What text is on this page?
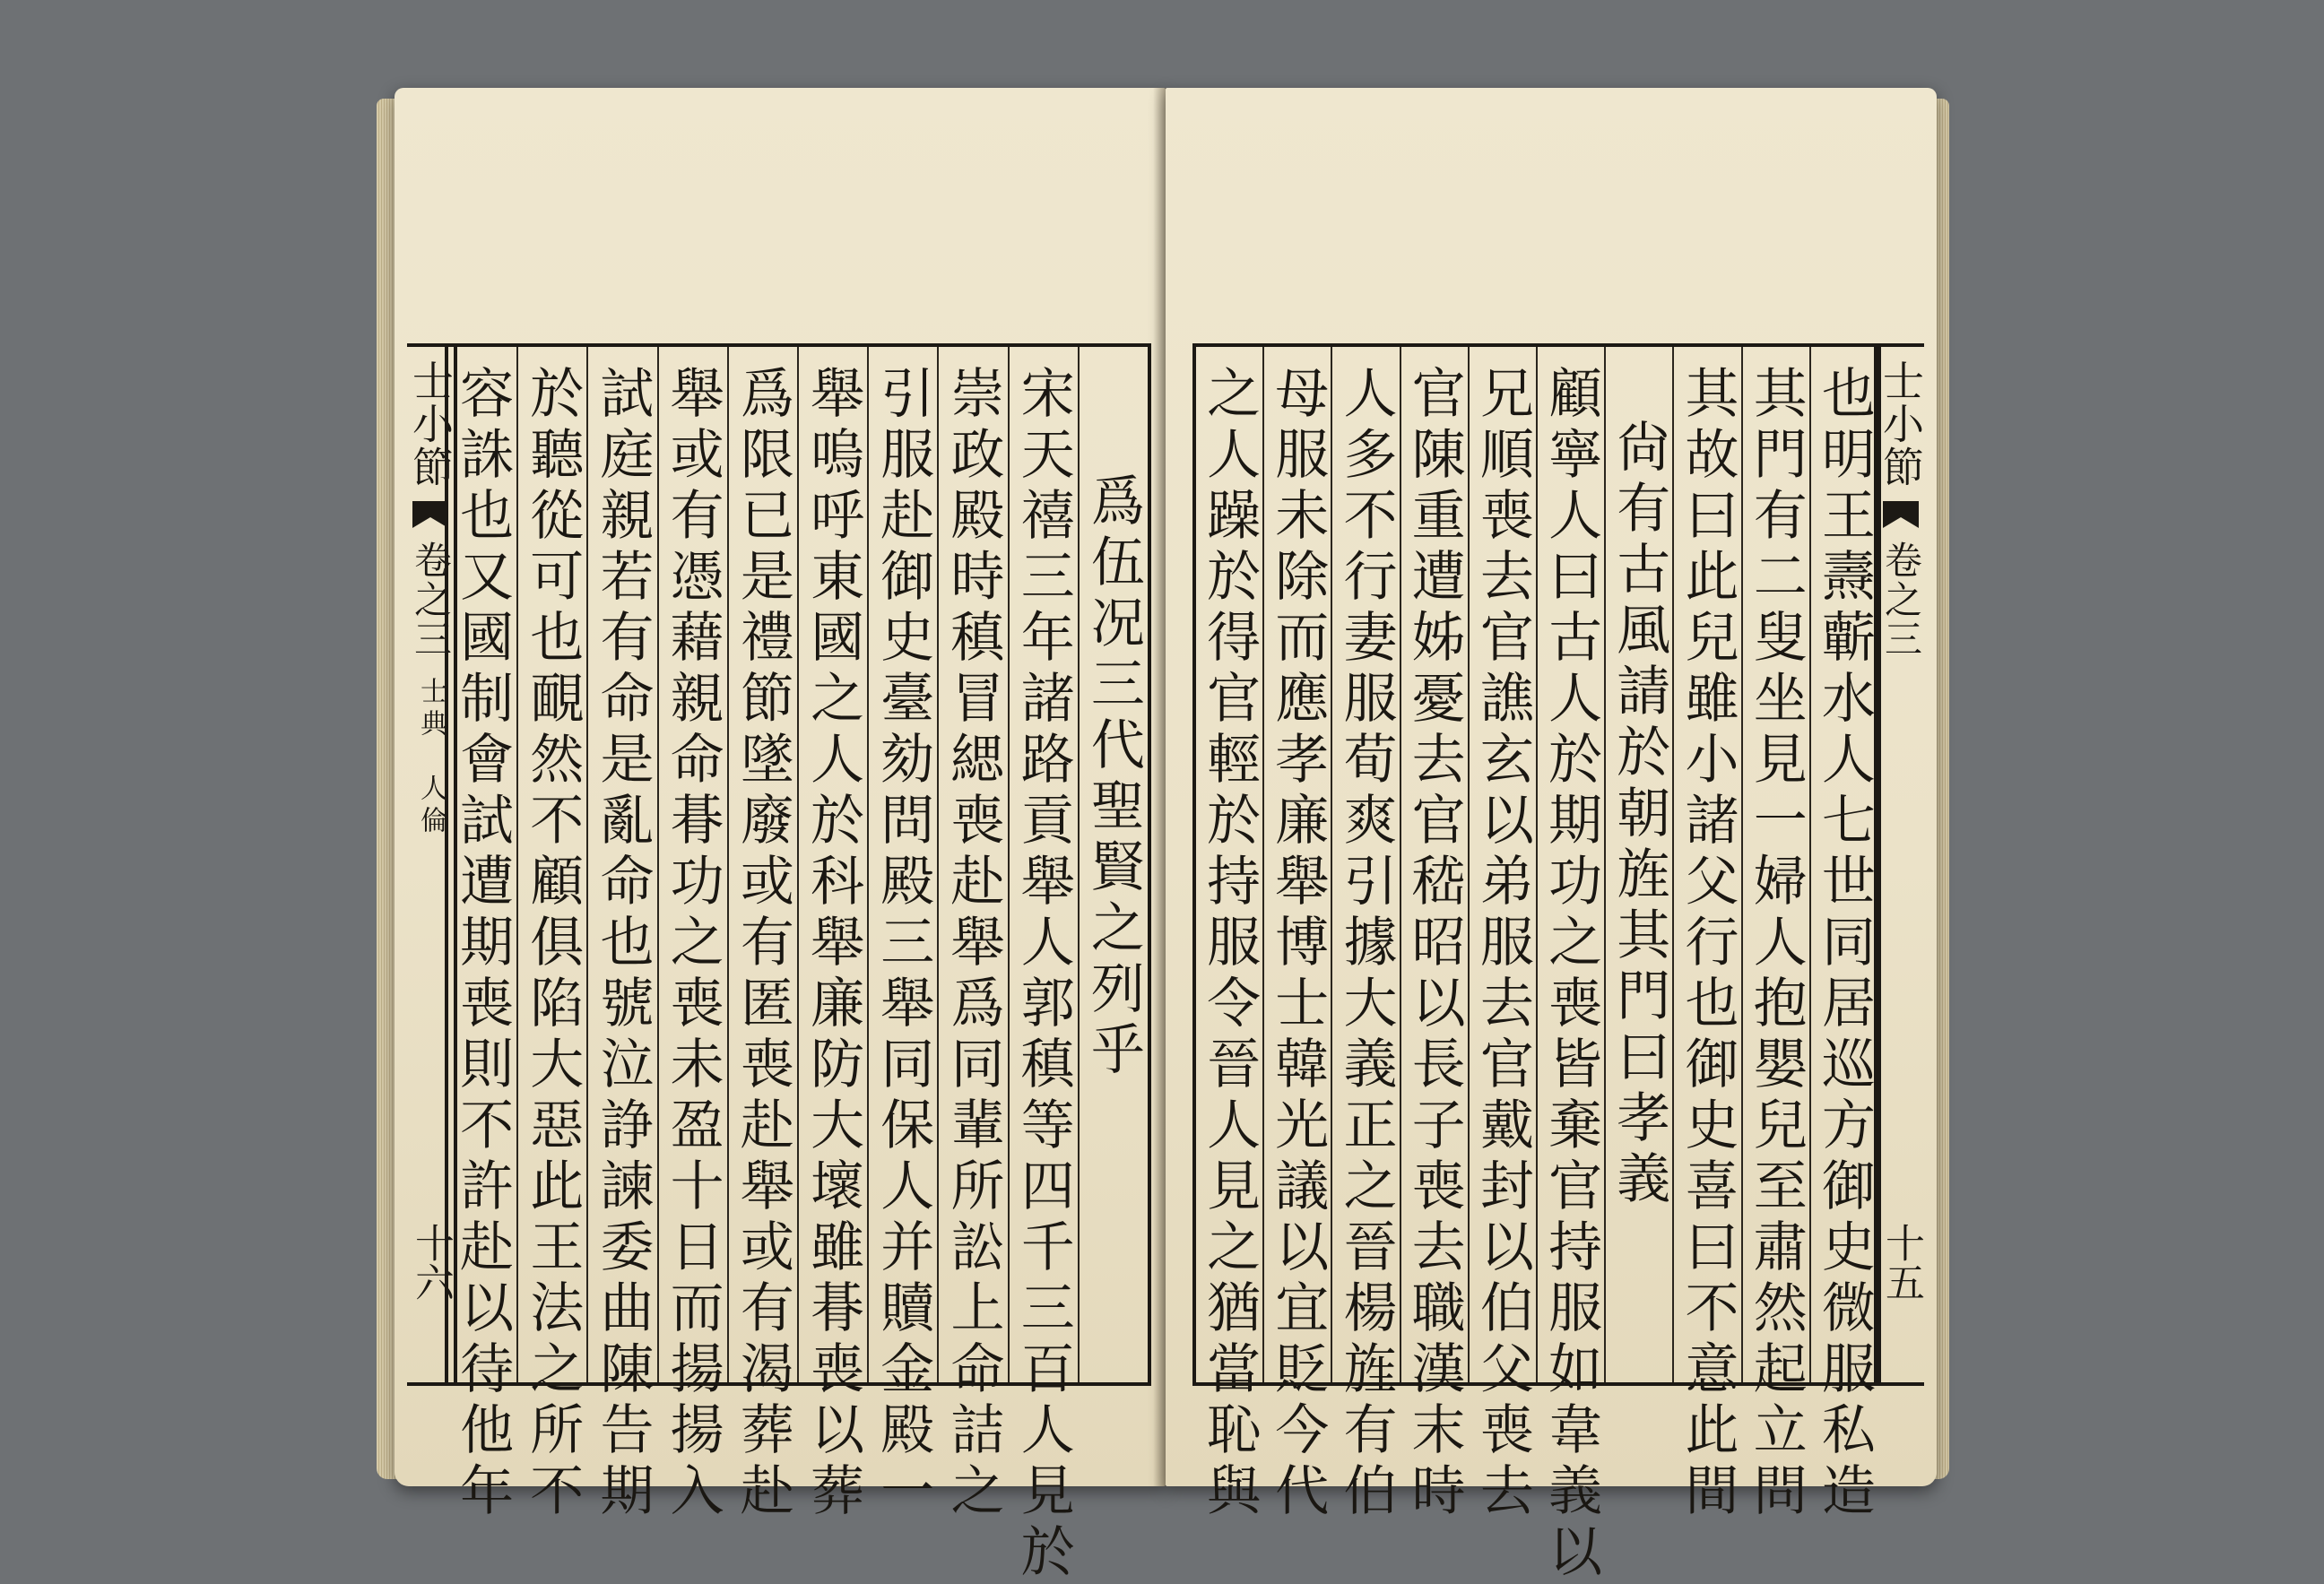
士小節
卷之三
士典　人倫
十六
爲伍况三代聖賢之列乎
宋天禧三年諸路貢舉人郭稹等四千三百人見於
崇政殿時稹冒緦喪赴舉爲同輩所訟上命詰之
引服赴御史臺劾問殿三舉同保人并贖金殿一
舉嗚呼東國之人於科舉廉防大壞雖朞喪以葬
爲限已是禮節墜廢或有匿喪赴舉或有渴葬赴
舉或有憑藉親命朞功之喪未盈十日而揚揚入
試庭親若有命是亂命也號泣諍諫委曲陳告期
於聽從可也靦然不顧俱陷大惡此王法之所不
容誅也又國制會試遭期喪則不許赴以待他年	也明王燾蘄水人七世同居巡方御史微服私造
其門有二叟坐見一婦人抱嬰兒至肅然起立問
其故曰此兒雖小諸父行也御史喜曰不意此間
尙有古風請於朝旌其門曰孝義
顧寧人曰古人於期功之喪皆棄官持服如韋義以
兄順喪去官譙玄以弟服去官戴封以伯父喪去
官陳重遭姊憂去官嵇昭以長子喪去職漢末時
人多不行妻服荀爽引據大義正之晉楊旌有伯
母服未除而應孝廉舉博士韓光議以宜貶今代
之人躁於得官輕於持服令晉人見之猶當恥與	士小節
卷之三
十五
